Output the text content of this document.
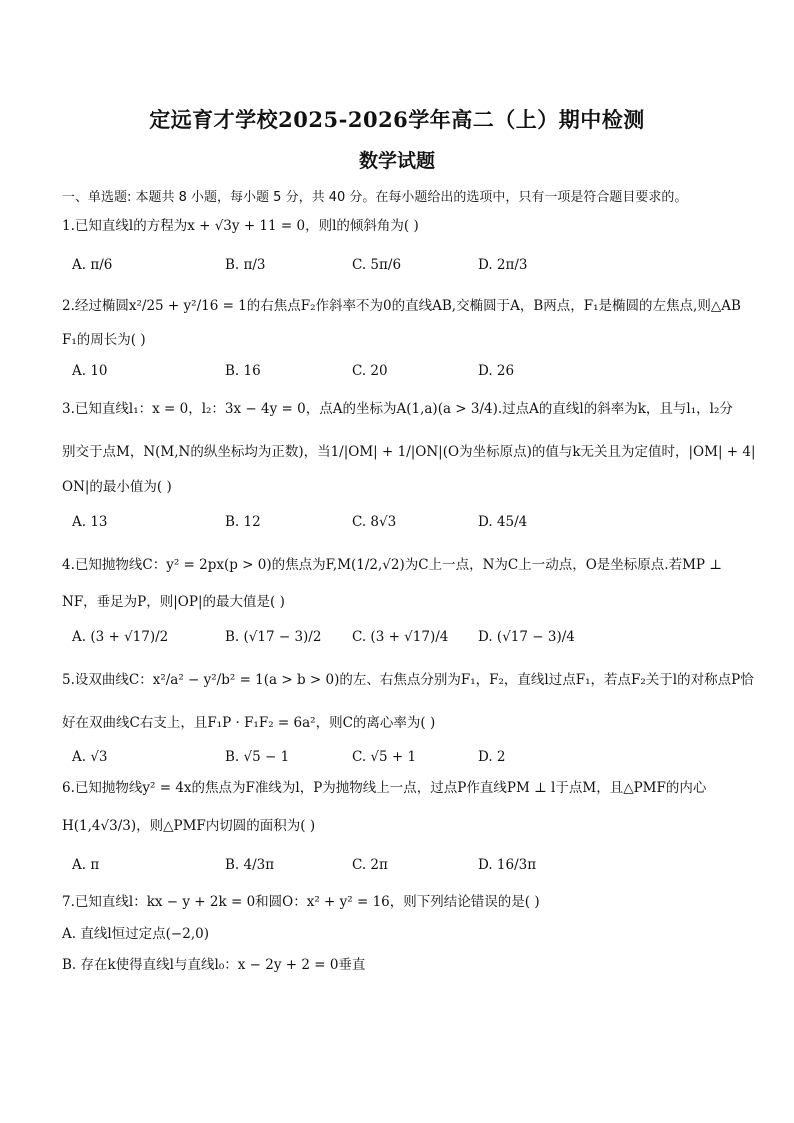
定远育才学校2025-2026学年高二（上）期中检测
数学试题
一、单选题: 本题共 8 小题，每小题 5 分，共 40 分。在每小题给出的选项中，只有一项是符合题目要求的。
1.已知直线l的方程为x + √3y + 11 = 0，则l的倾斜角为( )
A. π/6	B. π/3	C. 5π/6	D. 2π/3
2.经过椭圆x²/25 + y²/16 = 1的右焦点F₂作斜率不为0的直线AB,交椭圆于A，B两点，F₁是椭圆的左焦点,则△AB
F₁的周长为( )
A. 10	B. 16	C. 20	D. 26
3.已知直线l₁：x = 0，l₂：3x − 4y = 0，点A的坐标为A(1,a)(a > 3/4).过点A的直线l的斜率为k，且与l₁，l₂分
别交于点M，N(M,N的纵坐标均为正数)，当1/|OM| + 1/|ON|(O为坐标原点)的值与k无关且为定值时，|OM| + 4|
ON|的最小值为( )
A. 13	B. 12	C. 8√3	D. 45/4
4.已知抛物线C：y² = 2px(p > 0)的焦点为F,M(1/2,√2)为C上一点，N为C上一动点，O是坐标原点.若MP ⊥
NF，垂足为P，则|OP|的最大值是( )
A. (3 + √17)/2	B. (√17 − 3)/2 C. (3 + √17)/4 D. (√17 − 3)/4
5.设双曲线C：x²/a² − y²/b² = 1(a > b > 0)的左、右焦点分别为F₁，F₂，直线l过点F₁，若点F₂关于l的对称点P恰
好在双曲线C右支上，且F₁P · F₁F₂ = 6a²，则C的离心率为( )
A. √3	B. √5 − 1	C. √5 + 1	D. 2
6.已知抛物线y² = 4x的焦点为F准线为l，P为抛物线上一点，过点P作直线PM ⊥ l于点M，且△PMF的内心
H(1,4√3/3)，则△PMF内切圆的面积为( )
A. π	B. 4/3π	C. 2π	D. 16/3π
7.已知直线l：kx − y + 2k = 0和圆O：x² + y² = 16，则下列结论错误的是( )
A. 直线l恒过定点(−2,0)
B. 存在k使得直线l与直线l₀：x − 2y + 2 = 0垂直
